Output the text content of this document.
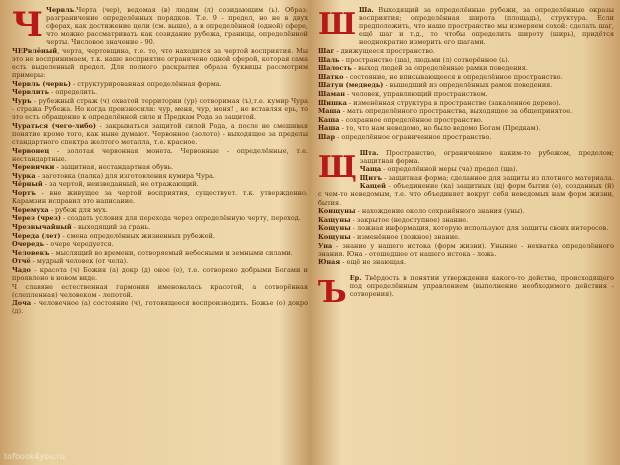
Ч Червль.Черта (чер), ведомая (в) людям (л) созидающим (ь). Образ: разграничение определённых порядков. Т.е. 9 - предел, но не в двух сферах, как достижение цели (см. выше), а в определённой (одной) сфере, что можно рассматривать как созидание рубежа, границы, определённой черты. Числовое значение - 90.

ЧЕРвлёный, черта, чертовщина, т.е. то, что находится за чертой восприятия. Мы это не воспринимаем, т.к. наше восприятие ограничено одной сферой, которая сама есть выделенный предел. Для полного раскрытия образа буквицы рассмотрим примеры:

Червль (червь) - структурированная определённая форма.

Червлить - определить.

Чуръ - рубежный страж (ч) охватой территории (ур) сотворимая (ъ),т.е. кумир Чура - стража Рубежа. Но когда произносили: чур, меня, чур, меня! , не вставляя ерь, то это есть обращение к определённой силе и Предкам Рода за защитой.

Чураться (чего-либо) - закрываться защитой силой Рода, а после не смешивая понятие кроме того, как ныне думают. Червонное (золото) - выходящее за пределы стандартного спектра желтого металла, т.е. красное.

Червонец - золотая червонная монета. Червонные - определённые, т.е. нестандартные.

Черевички - защитная, нестандартная обувь.

Чурка - заготовка (палка) для изготовления кумира Чура.

Чёрный - за чертой, неизведанный, не отражающий.

Чортъ - вне живущее за чертой восприятия, существует. т.к. утвержденно. Карамзин исправил это написание.

Черемуха - рубеж для мух.

Через (чрез) - создать условия для перехода через определённую черту, переход.

Чрезвычайный - выходящий за грань.

Череда (лет) - смена определённых жизненных рубежей.

Очередь - очере чередуется.

Человекъ - мыслящий во времени, сотворяемый небесными и земными силами.

Отчё - мудрый человек (от чела).

Чадо - красота (ч) Божия (а) докр (д) оное (о), т.е. сотворено добрыми Богами и проявлено в новом виде.

Ч славяне естественная гармония именовалась красотой, а сотворённая (слепленная) человеком - лепотой.

Доча - человечное (а) состояние (ч), готовящееся воспроизводить. Божье (о) докро (д).

Ш Ша. Выходящий за определённые рубежи, за определённые окразы восприятия; определённая широта (площадь), структура. Если предположить, что наше пространство мы измеряем сохой: сделать шаг, ещё шаг и т.д., то чтобы определить широту (ширь), придётся неоднократно измерить его шагами.

Шаг - движущееся пространство.

Шаль - пространство (ша), людьми (л) сотворённое (ь).

Шалость - выход людей за определённые рамки поведения.

Шатко - состояние, не вписывающееся в определённое пространство.

Шатун (медведь) - вышедший из определённых рамок поведения.

Шаман - человек, управляющий пространством.

Шишка - изменённая структура в пространстве (закаленное дерево).

Маша - мать определённого пространства, выходящее за общепринятое.

Каша - сохранное определённое пространство.

Наша - то, что нам неведомо, но было ведомо Богам (Предкам).

Шар - определённое ограниченное пространство.

Щ Шта. Пространство, ограниченное каким-то рубежом, пределом; защитная форма.

Чаща - определённой меры (ча) предел (ща).

Щитъ - защитная форма; сделанное для защиты из плотного материала.

Кащей - объединение (ка) защитных (щ) форм бытия (е), созданных (й) с чем-то неведомым, т.е. что объединяет вокруг себя неведомых нам форм жизни, бытия.

Коищуны - нахождение около сохранённого знания (уны).

Кащуны - закрытое (недоступное) знание.

Кощуны - ложная информация, которую используют для защиты своих интересов.

Кощуны - изменённое (ложное) знание.

Уна - знание у нашего истока (форм жизни). Унынне - нехватка определённого знания. Юна - отошедшее от нашего истока - ложь.

Юная - ещё не знающая.

Ъ Ер. Твёрдость в понятии утверждения какого-то действа, происходящего под определённым управлением (выполнение необходимого действия - сотворения).

tofbook4you.ru
